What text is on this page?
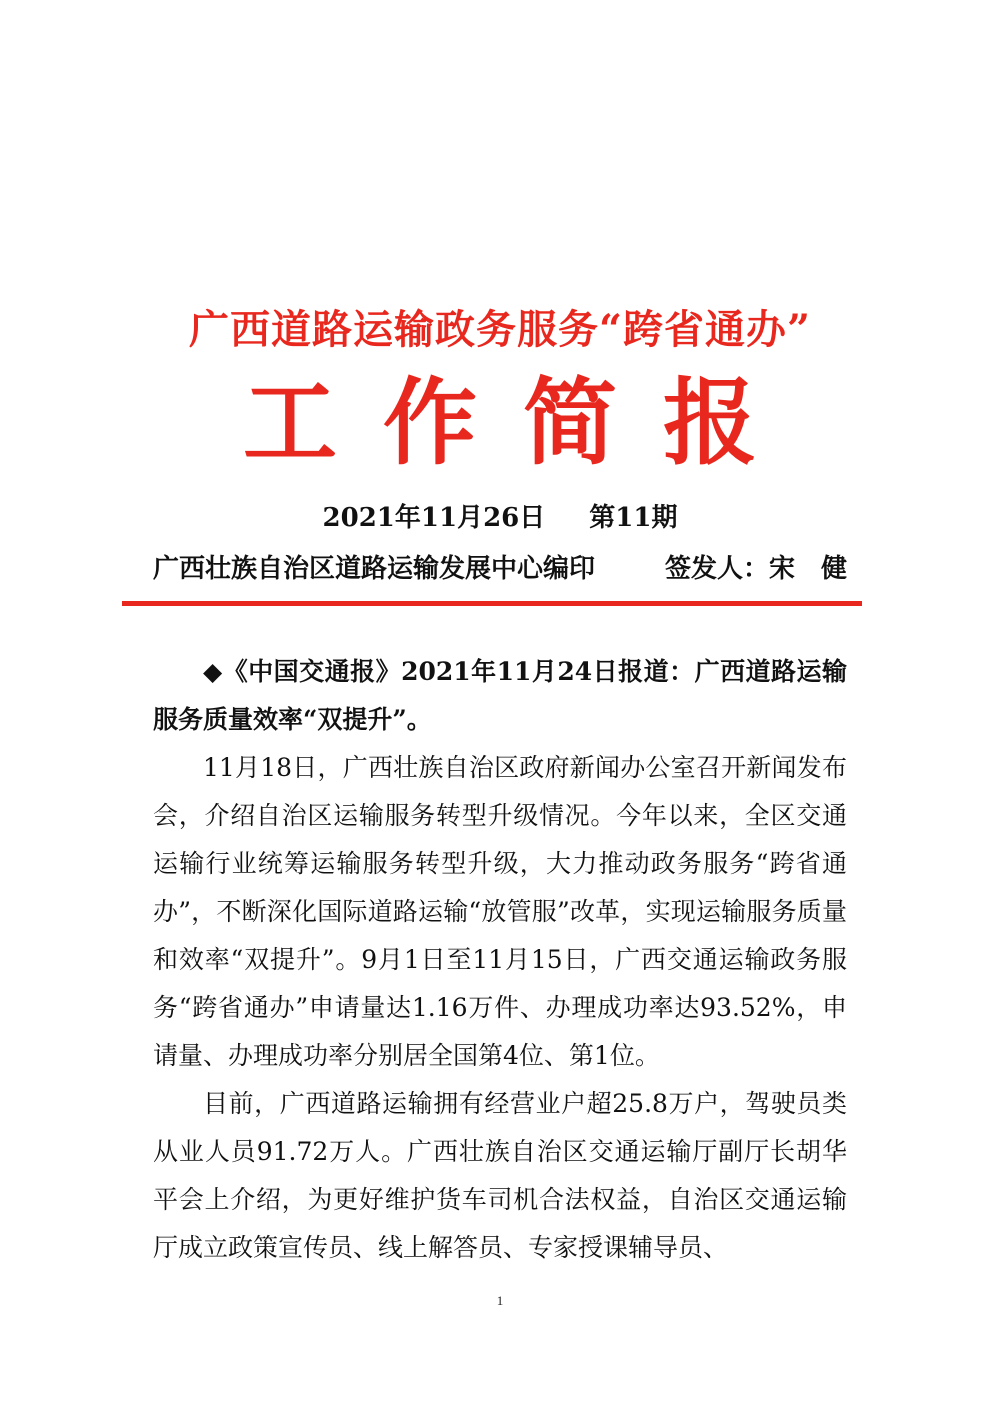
广西道路运输政务服务“跨省通办”
工作简报
2021年11月26日 第11期
广西壮族自治区道路运输发展中心编印	签发人：宋健

◆《中国交通报》2021年11月24日报道：广西道路运输服务质量效率“双提升”。

11月18日，广西壮族自治区政府新闻办公室召开新闻发布会，介绍自治区运输服务转型升级情况。今年以来，全区交通运输行业统筹运输服务转型升级，大力推动政务服务“跨省通办”，不断深化国际道路运输“放管服”改革，实现运输服务质量和效率“双提升”。9月1日至11月15日，广西交通运输政务服务“跨省通办”申请量达1.16万件、办理成功率达93.52%，申请量、办理成功率分别居全国第4位、第1位。

目前，广西道路运输拥有经营业户超25.8万户，驾驶员类从业人员91.72万人。广西壮族自治区交通运输厅副厅长胡华平会上介绍，为更好维护货车司机合法权益，自治区交通运输厅成立政策宣传员、线上解答员、专家授课辅导员、

1
